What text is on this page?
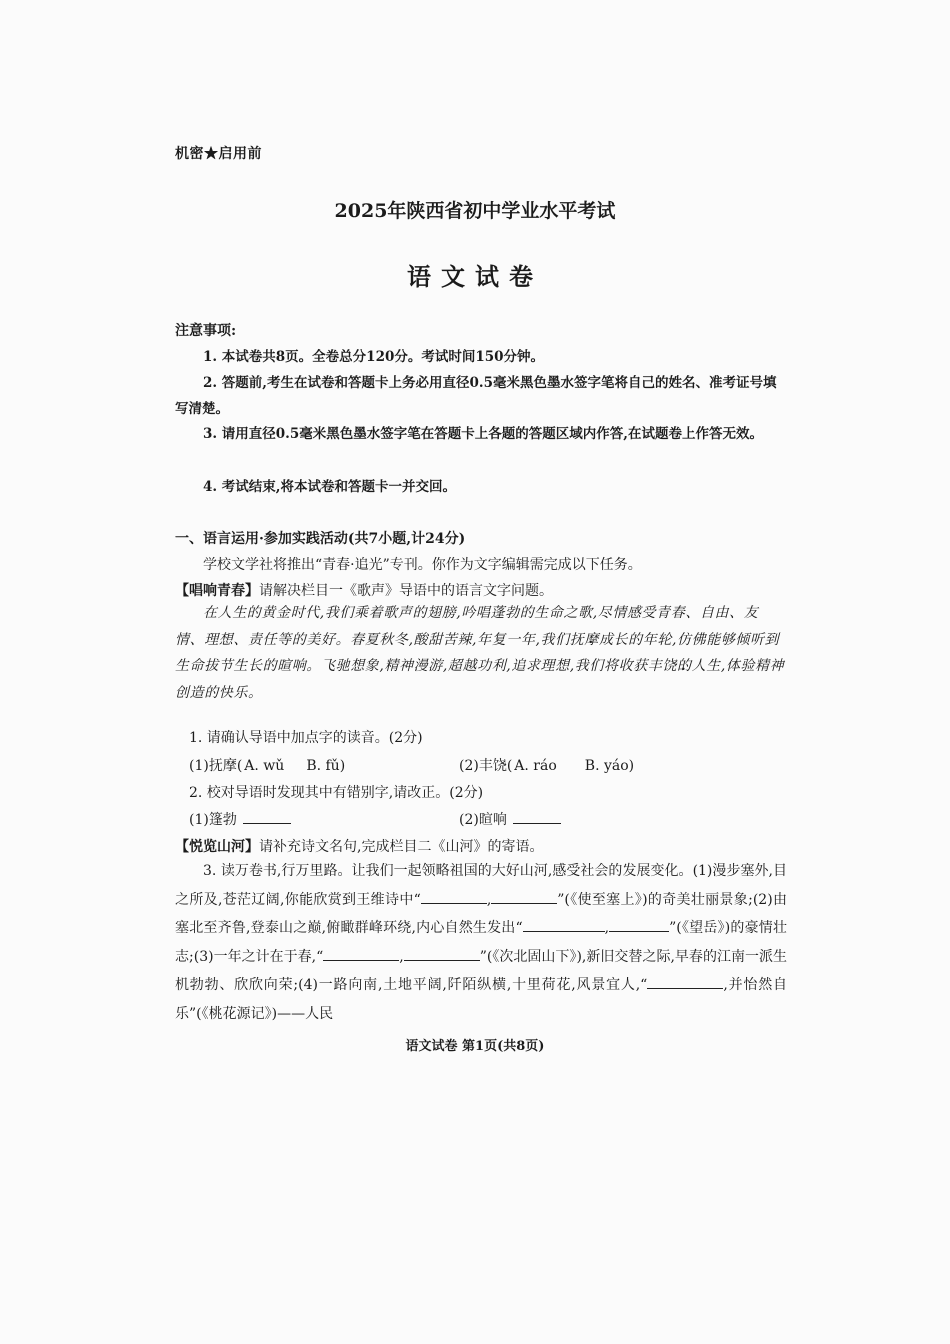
机密★启用前
2025年陕西省初中学业水平考试
语文试卷
注意事项:
1. 本试卷共8页。全卷总分120分。考试时间150分钟。
2. 答题前,考生在试卷和答题卡上务必用直径0.5毫米黑色墨水签字笔将自己的姓名、准考证号填写清楚。
3. 请用直径0.5毫米黑色墨水签字笔在答题卡上各题的答题区域内作答,在试题卷上作答无效。
4. 考试结束,将本试卷和答题卡一并交回。
一、语言运用·参加实践活动(共7小题,计24分)
学校文学社将推出“青春·追光”专刊。你作为文字编辑需完成以下任务。
【唱响青春】请解决栏目一《歌声》导语中的语言文字问题。
在人生的黄金时代,我们乘着歌声的翅膀,吟唱蓬勃的生命之歌,尽情感受青春、自由、友情、理想、责任等的美好。春夏秋冬,酸甜苦辣,年复一年,我们抚 •摩成长的年轮,仿佛能够倾听到生命拔节生长的暄响。飞驰想象,精神漫游,超越功利,追求理想,我们将收获丰饶 •的人生,体验精神创造的快乐。
1. 请确认导语中加点字的读音。(2分)
(1)抚摩( A. wǔ B. fǔ)	(2)丰饶( A. ráo B. yáo)
2. 校对导语时发现其中有错别字,请改正。(2分)
(1)篷勃	(2)暄响
【悦览山河】请补充诗文名句,完成栏目二《山河》的寄语。
3. 读万卷书,行万里路。让我们一起领略祖国的大好山河,感受社会的发展变化。(1)漫步塞外,目之所及,苍茫辽阔,你能欣赏到王维诗中“	,	”(《使至塞上》)的奇美壮丽景象;(2)由塞北至齐鲁,登泰山之巅,俯瞰群峰环绕,内心自然生发出“	,	”(《望岳》)的豪情壮志;(3)一年之计在于春,“	,	”(《次北固山下》),新旧交替之际,早春的江南一派生机勃勃、欣欣向荣;(4)一路向南,土地平阔,阡陌纵横,十里荷花,风景宜人,“	,并怡然自乐”(《桃花源记》)——人民
语文试卷 第1页(共8页)
